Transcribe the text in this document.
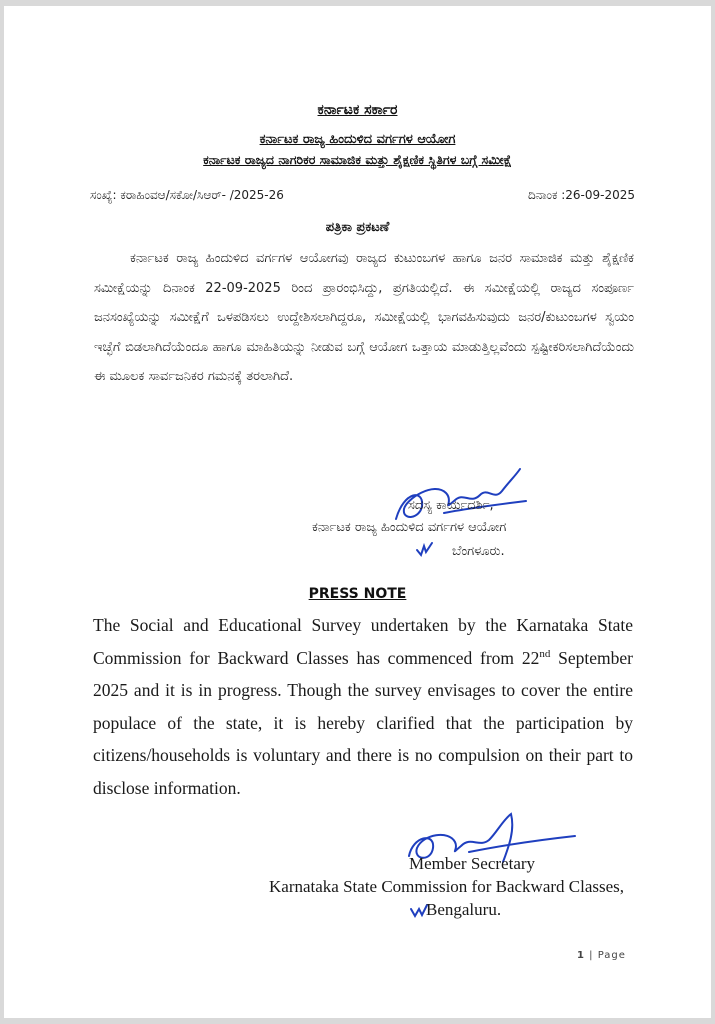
ಕರ್ನಾಟಕ ಸರ್ಕಾರ
ಕರ್ನಾಟಕ ರಾಜ್ಯ ಹಿಂದುಳಿದ ವರ್ಗಗಳ ಆಯೋಗ
ಕರ್ನಾಟಕ ರಾಜ್ಯದ ನಾಗರಿಕರ ಸಾಮಾಜಿಕ ಮತ್ತು ಶೈಕ್ಷಣಿಕ ಸ್ಥಿತಿಗಳ ಬಗ್ಗೆ ಸಮೀಕ್ಷೆ
ಸಂಖ್ಯೆ: ಕರಾಹಿಂವಆ/ಸಕೋ/ಸಿಆರ್- /2025-26	ದಿನಾಂಕ :26-09-2025
ಪತ್ರಿಕಾ ಪ್ರಕಟಣೆ
ಕರ್ನಾಟಕ ರಾಜ್ಯ ಹಿಂದುಳಿದ ವರ್ಗಗಳ ಆಯೋಗವು ರಾಜ್ಯದ ಕುಟುಂಬಗಳ ಹಾಗೂ ಜನರ ಸಾಮಾಜಿಕ ಮತ್ತು ಶೈಕ್ಷಣಿಕ ಸಮೀಕ್ಷೆಯನ್ನು ದಿನಾಂಕ 22-09-2025 ರಿಂದ ಪ್ರಾರಂಭಿಸಿದ್ದು, ಪ್ರಗತಿಯಲ್ಲಿದೆ. ಈ ಸಮೀಕ್ಷೆಯಲ್ಲಿ ರಾಜ್ಯದ ಸಂಪೂರ್ಣ ಜನಸಂಖ್ಯೆಯನ್ನು ಸಮೀಕ್ಷೆಗೆ ಒಳಪಡಿಸಲು ಉದ್ದೇಶಿಸಲಾಗಿದ್ದರೂ, ಸಮೀಕ್ಷೆಯಲ್ಲಿ ಭಾಗವಹಿಸುವುದು ಜನರ/ಕುಟುಂಬಗಳ ಸ್ವಯಂ ಇಚ್ಛೆಗೆ ಬಿಡಲಾಗಿದೆಯೆಂದೂ ಹಾಗೂ ಮಾಹಿತಿಯನ್ನು ನೀಡುವ ಬಗ್ಗೆ ಆಯೋಗ ಒತ್ತಾಯ ಮಾಡುತ್ತಿಲ್ಲವೆಂದು ಸ್ಪಷ್ಟೀಕರಿಸಲಾಗಿದೆಯೆಂದು ಈ ಮೂಲಕ ಸಾರ್ವಜನಿಕರ ಗಮನಕ್ಕೆ ತರಲಾಗಿದೆ.
ಸದಸ್ಯ ಕಾರ್ಯದರ್ಶಿ,
ಕರ್ನಾಟಕ ರಾಜ್ಯ ಹಿಂದುಳಿದ ವರ್ಗಗಳ ಆಯೋಗ
ಬೆಂಗಳೂರು.
PRESS NOTE
The Social and Educational Survey undertaken by the Karnataka State Commission for Backward Classes has commenced from 22nd September 2025 and it is in progress. Though the survey envisages to cover the entire populace of the state, it is hereby clarified that the participation by citizens/households is voluntary and there is no compulsion on their part to disclose information.
Member Secretary
Karnataka State Commission for Backward Classes,
Bengaluru.
1 | Page
